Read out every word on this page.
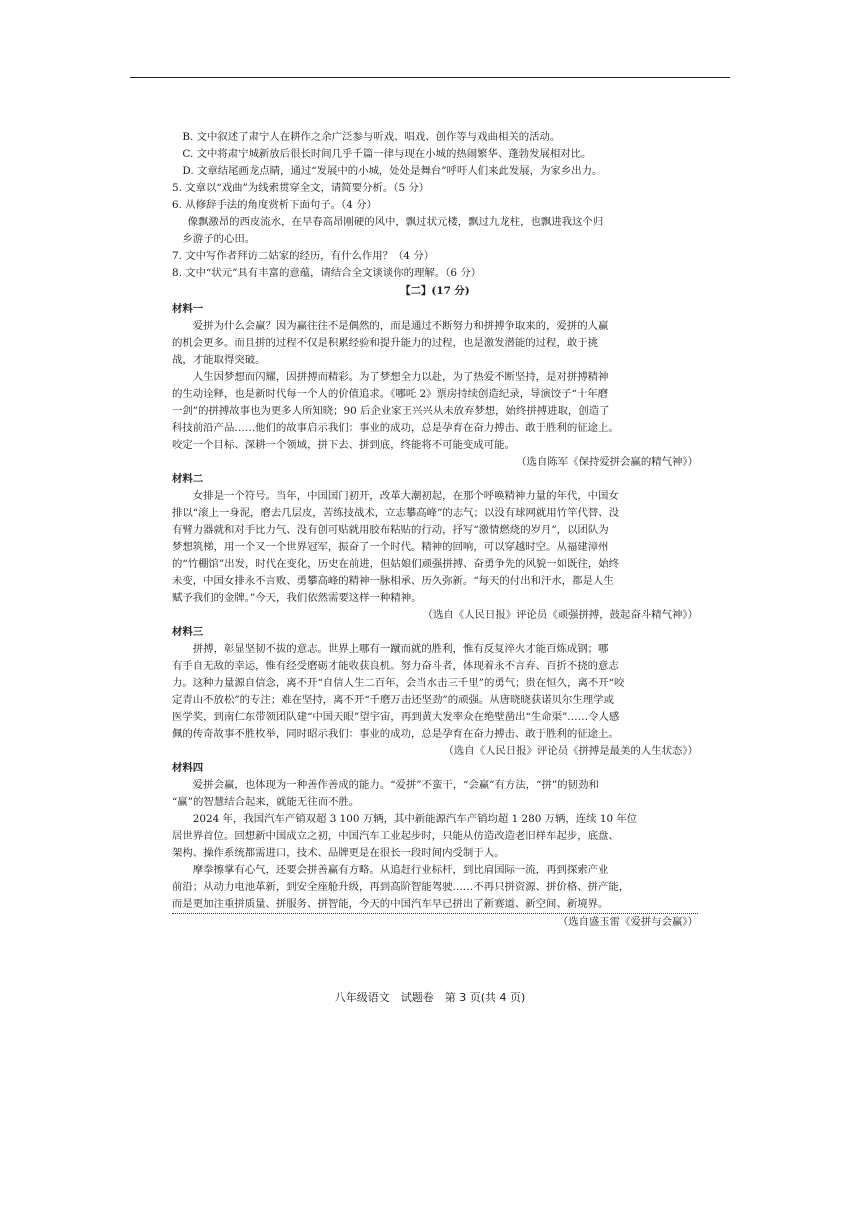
B. 文中叙述了肃宁人在耕作之余广泛参与听戏、唱戏、创作等与戏曲相关的活动。
C. 文中将肃宁城新放后很长时间几乎千篇一律与现在小城的热闹繁华、蓬勃发展相对比。
D. 文章结尾画龙点睛，通过“发展中的小城，处处是舞台”呼吁人们来此发展，为家乡出力。
5. 文章以“戏曲”为线索贯穿全文，请简要分析。（5 分）
6. 从修辞手法的角度赏析下面句子。（4 分）
像飘激昂的西皮流水，在早春高昂刚硬的风中，飘过状元楼，飘过九龙柱，也飘进我这个归
乡游子的心田。
7. 文中写作者拜访二姑家的经历，有什么作用？（4 分）
8. 文中“状元”具有丰富的意蕴，请结合全文谈谈你的理解。（6 分）
【二】(17 分)
材料一
爱拼为什么会赢？因为赢往往不是偶然的，而是通过不断努力和拼搏争取来的，爱拼的人赢
的机会更多。而且拼的过程不仅是积累经验和提升能力的过程，也是激发潜能的过程，敢于挑
战，才能取得突破。
人生因梦想而闪耀，因拼搏而精彩。为了梦想全力以赴，为了热爱不断坚持，是对拼搏精神
的生动诠释，也是新时代每一个人的价值追求。《哪吒 2》票房持续创造纪录，导演饺子“十年磨
一剑”的拼搏故事也为更多人所知晓；90 后企业家王兴兴从未放弃梦想，始终拼搏进取，创造了
科技前沿产品……他们的故事启示我们：事业的成功，总是孕育在奋力搏击、敢于胜利的征途上。
咬定一个目标、深耕一个领域，拼下去、拼到底，终能将不可能变成可能。
（选自陈军《保持爱拼会赢的精气神》）
材料二
女排是一个符号。当年，中国国门初开，改革大潮初起，在那个呼唤精神力量的年代，中国女
排以“滚上一身泥，磨去几层皮，苦练技战术，立志攀高峰”的志气；以没有球网就用竹竿代替、没
有臂力器就和对手比力气、没有创可贴就用胶布粘贴的行动，抒写“激情燃烧的岁月”，以团队为
梦想筑梯，用一个又一个世界冠军，振奋了一个时代。精神的回响，可以穿越时空。从福建漳州
的“竹棚馆”出发，时代在变化，历史在前进，但姑娘们顽强拼搏、奋勇争先的风貌一如既往，始终
未变，中国女排永不言败、勇攀高峰的精神一脉相承、历久弥新。“每天的付出和汗水，都是人生
赋予我们的金牌。”今天，我们依然需要这样一种精神。
（选自《人民日报》评论员《顽强拼搏，鼓起奋斗精气神》）
材料三
拼搏，彰显坚韧不拔的意志。世界上哪有一蹴而就的胜利，惟有反复淬火才能百炼成钢；哪
有手自无敌的幸运，惟有经受磨砺才能收获良机。努力奋斗者，体现着永不言弃、百折不挠的意志
力。这种力量源自信念，离不开“自信人生二百年，会当水击三千里”的勇气；贵在恒久，离不开“咬
定青山不放松”的专注；难在坚持，离不开“千磨万击还坚劲”的顽强。从唐晓晓获诺贝尔生理学或
医学奖，到南仁东带领团队建“中国天眼”望宇宙，再到黄大发率众在绝壁凿出“生命渠”……令人感
佩的传奇故事不胜枚举，同时昭示我们：事业的成功，总是孕育在奋力搏击、敢于胜利的征途上。
（选自《人民日报》评论员《拼搏是最美的人生状态》）
材料四
爱拼会赢，也体现为一种善作善成的能力。“爱拼”不蛮干，“会赢”有方法，“拼”的韧劲和
“赢”的智慧结合起来，就能无往而不胜。
2024 年，我国汽车产销双超 3 100 万辆，其中新能源汽车产销均超 1 280 万辆，连续 10 年位
居世界首位。回想新中国成立之初，中国汽车工业起步时，只能从仿造改造老旧样车起步，底盘、
架构、操作系统都需进口，技术、品牌更是在很长一段时间内受制于人。
摩拳擦掌有心气，还要会拼善赢有方略。从追赶行业标杆，到比肩国际一流，再到探索产业
前沿；从动力电池革新，到安全座舱升级，再到高阶智能驾驶……不再只拼资源、拼价格、拼产能，
而是更加注重拼质量、拼服务、拼智能，今天的中国汽车早已拼出了新赛道、新空间、新境界。
（选自盛玉雷《爱拼与会赢》）
八年级语文　试题卷　第 3 页(共 4 页)
